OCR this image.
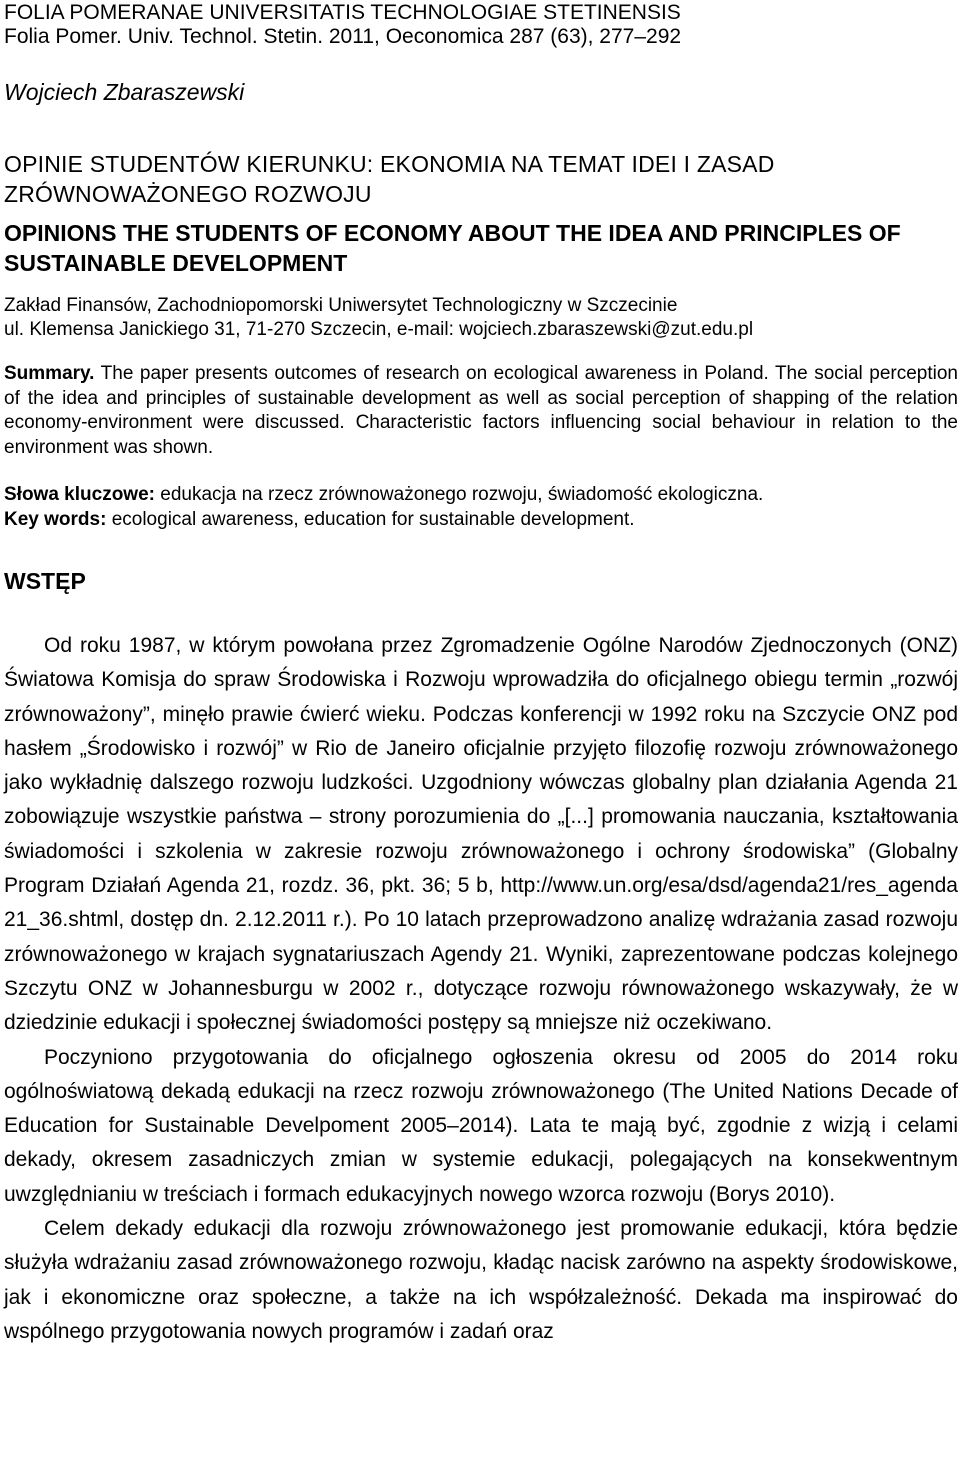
FOLIA POMERANAE UNIVERSITATIS TECHNOLOGIAE STETINENSIS
Folia Pomer. Univ. Technol. Stetin. 2011, Oeconomica 287 (63), 277–292
Wojciech Zbaraszewski
OPINIE STUDENTÓW KIERUNKU: EKONOMIA NA TEMAT IDEI I ZASAD ZRÓWNOWAŻONEGO ROZWOJU
OPINIONS THE STUDENTS OF ECONOMY ABOUT THE IDEA AND PRINCIPLES OF SUSTAINABLE DEVELOPMENT
Zakład Finansów, Zachodniopomorski Uniwersytet Technologiczny w Szczecinie
ul. Klemensa Janickiego 31, 71-270 Szczecin, e-mail: wojciech.zbaraszewski@zut.edu.pl
Summary. The paper presents outcomes of research on ecological awareness in Poland. The social perception of the idea and principles of sustainable development as well as social perception of shapping of the relation economy-environment were discussed. Characteristic factors influencing social behaviour in relation to the environment was shown.
Słowa kluczowe: edukacja na rzecz zrównoważonego rozwoju, świadomość ekologiczna.
Key words: ecological awareness, education for sustainable development.
WSTĘP

Od roku 1987, w którym powołana przez Zgromadzenie Ogólne Narodów Zjednoczonych (ONZ) Światowa Komisja do spraw Środowiska i Rozwoju wprowadziła do oficjalnego obiegu termin „rozwój zrównoważony”, minęło prawie ćwierć wieku. Podczas konferencji w 1992 roku na Szczycie ONZ pod hasłem „Środowisko i rozwój” w Rio de Janeiro oficjalnie przyjęto filozofię rozwoju zrównoważonego jako wykładnię dalszego rozwoju ludzkości. Uzgodniony wówczas globalny plan działania Agenda 21 zobowiązuje wszystkie państwa – strony porozumienia do „[...] promowania nauczania, kształtowania świadomości i szkolenia w zakresie rozwoju zrównoważonego i ochrony środowiska” (Globalny Program Działań Agenda 21, rozdz. 36, pkt. 36; 5 b, http://www.un.org/esa/dsd/agenda21/res_agenda 21_36.shtml, dostęp dn. 2.12.2011 r.). Po 10 latach przeprowadzono analizę wdrażania zasad rozwoju zrównoważonego w krajach sygnatariuszach Agendy 21. Wyniki, zaprezentowane podczas kolejnego Szczytu ONZ w Johannesburgu w 2002 r., dotyczące rozwoju równoważonego wskazywały, że w dziedzinie edukacji i społecznej świadomości postępy są mniejsze niż oczekiwano.

Poczyniono przygotowania do oficjalnego ogłoszenia okresu od 2005 do 2014 roku ogólnoświatową dekadą edukacji na rzecz rozwoju zrównoważonego (The United Nations Decade of Education for Sustainable Develpoment 2005–2014). Lata te mają być, zgodnie z wizją i celami dekady, okresem zasadniczych zmian w systemie edukacji, polegających na konsekwentnym uwzględnianiu w treściach i formach edukacyjnych nowego wzorca rozwoju (Borys 2010).

Celem dekady edukacji dla rozwoju zrównoważonego jest promowanie edukacji, która będzie służyła wdrażaniu zasad zrównoważonego rozwoju, kładąc nacisk zarówno na aspekty środowiskowe, jak i ekonomiczne oraz społeczne, a także na ich współzależność. Dekada ma inspirować do wspólnego przygotowania nowych programów i zadań oraz
